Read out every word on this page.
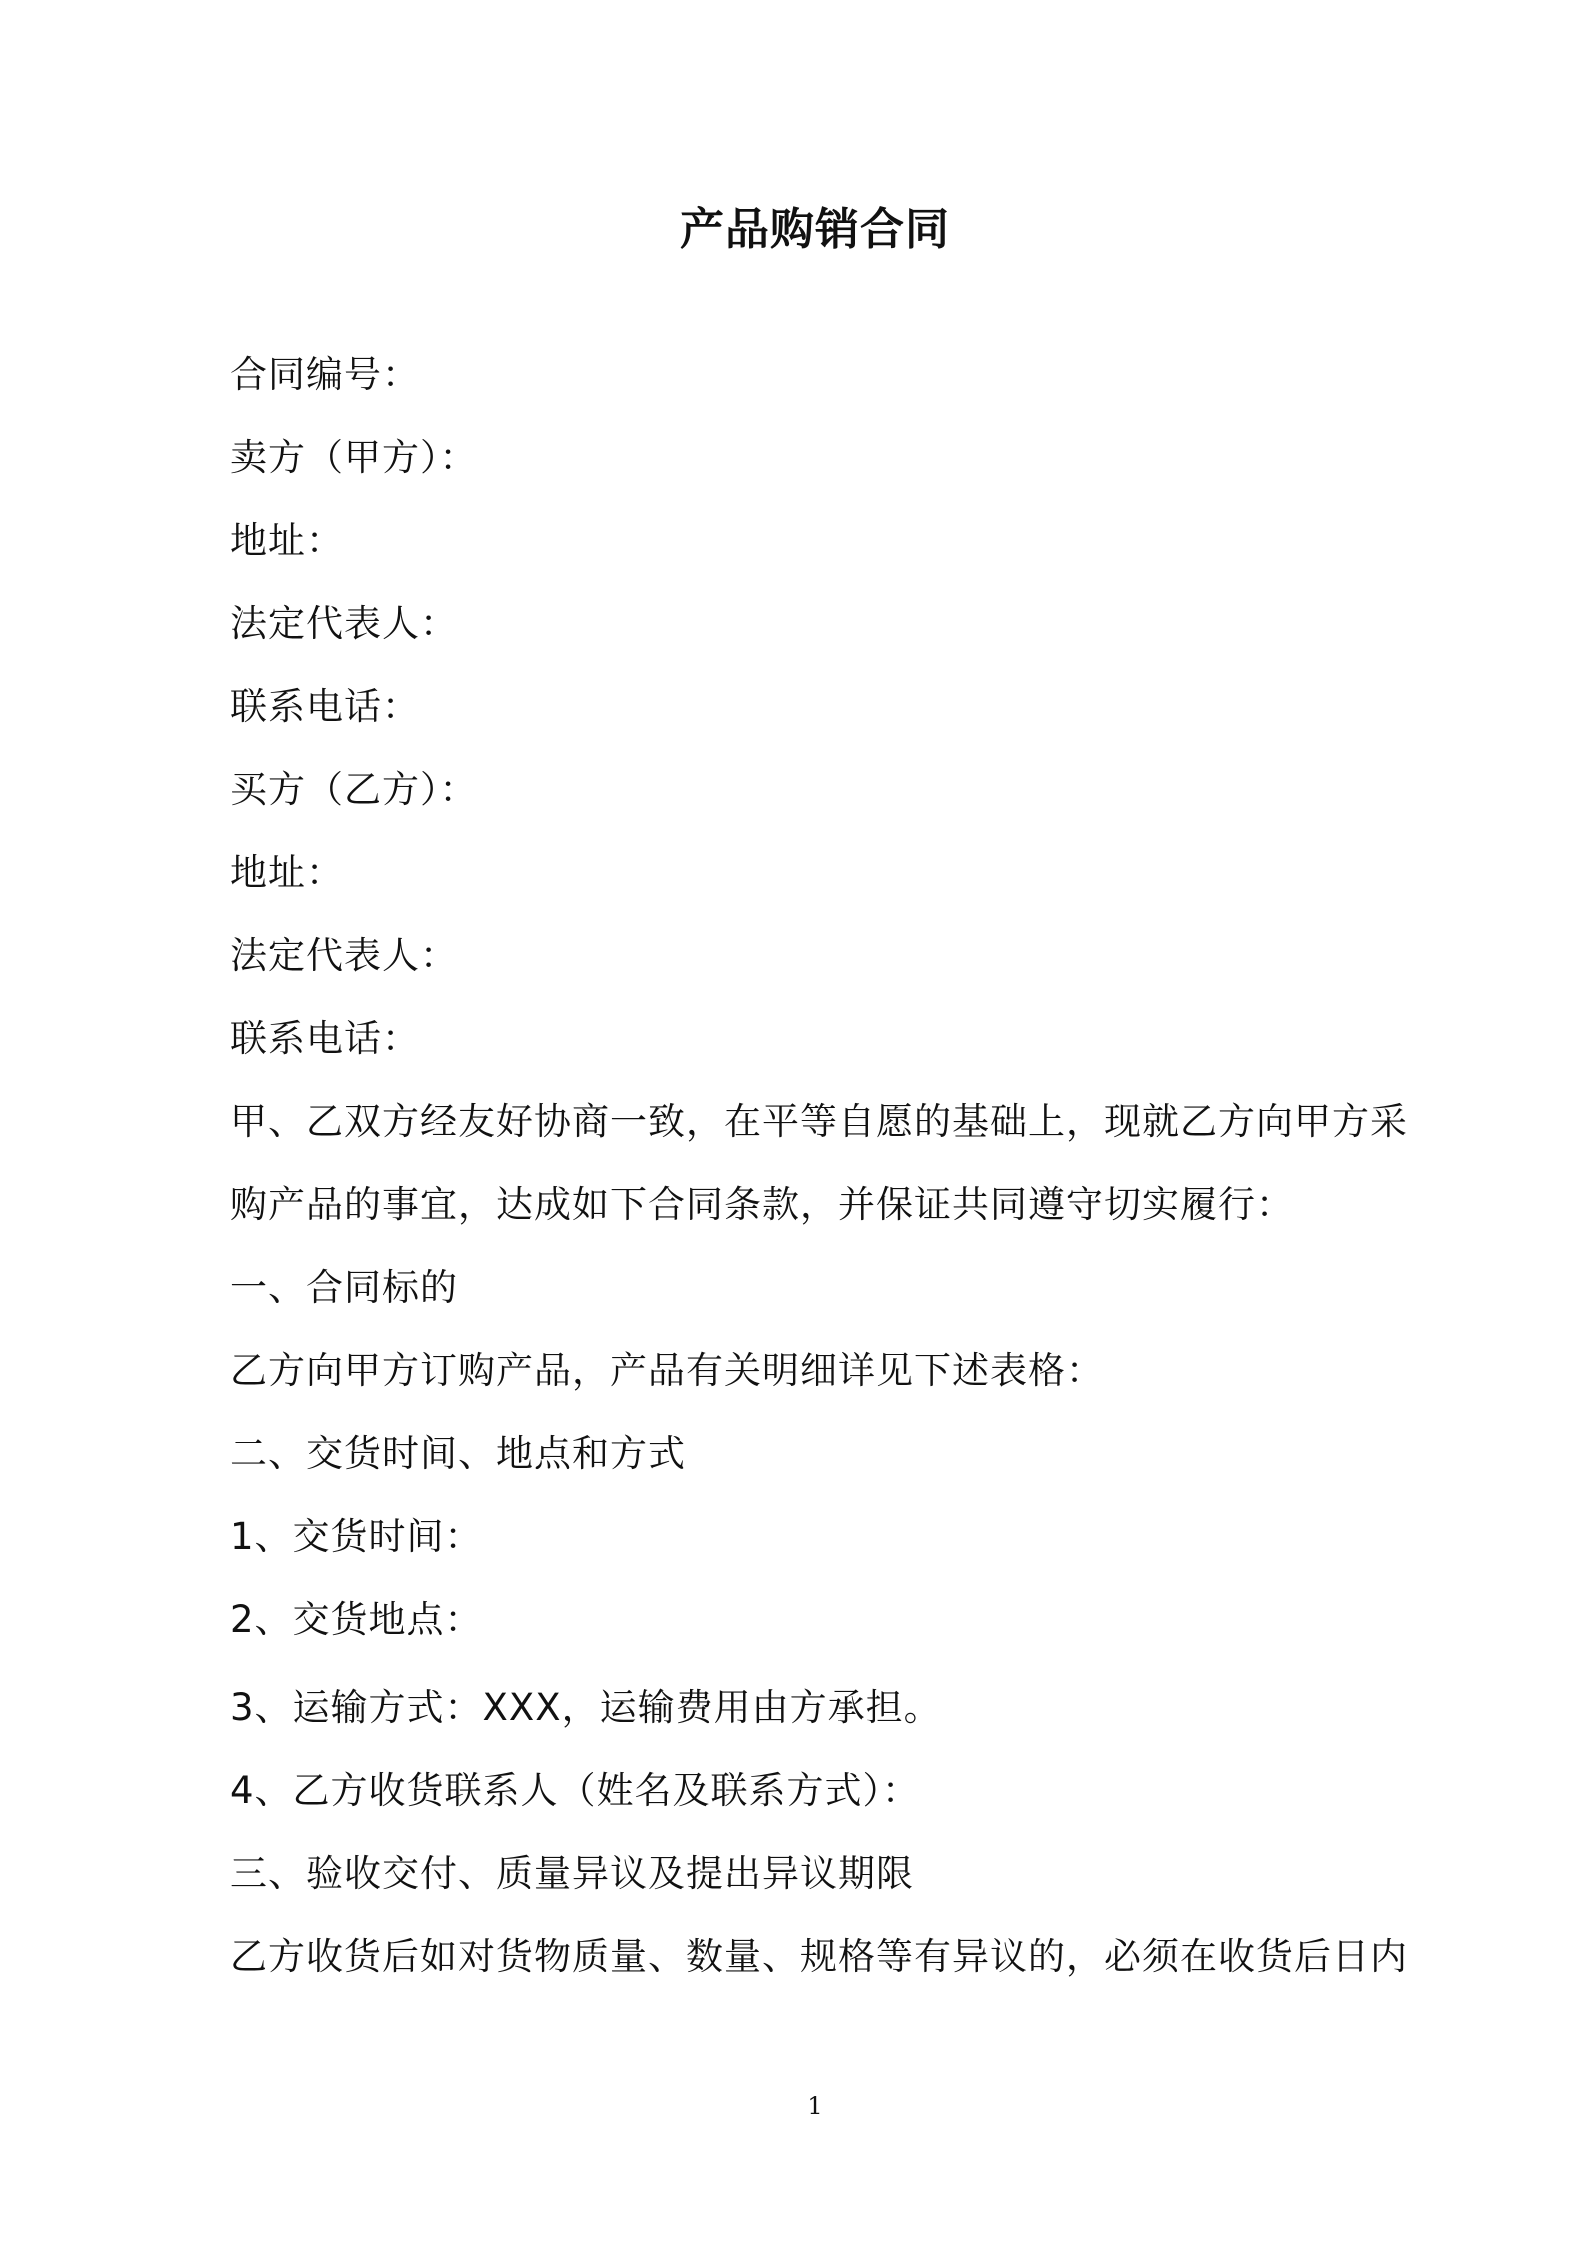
产品购销合同
合同编号：
卖方（甲方）：
地址：
法定代表人：
联系电话：
买方（乙方）：
地址：
法定代表人：
联系电话：
甲、乙双方经友好协商一致，在平等自愿的基础上，现就乙方向甲方采
购产品的事宜，达成如下合同条款，并保证共同遵守切实履行：
一、合同标的
乙方向甲方订购产品，产品有关明细详见下述表格：
二、交货时间、地点和方式
1、交货时间：
2、交货地点：
3、运输方式：XXX，运输费用由方承担。
4、乙方收货联系人（姓名及联系方式）：
三、验收交付、质量异议及提出异议期限
乙方收货后如对货物质量、数量、规格等有异议的，必须在收货后日内
1
